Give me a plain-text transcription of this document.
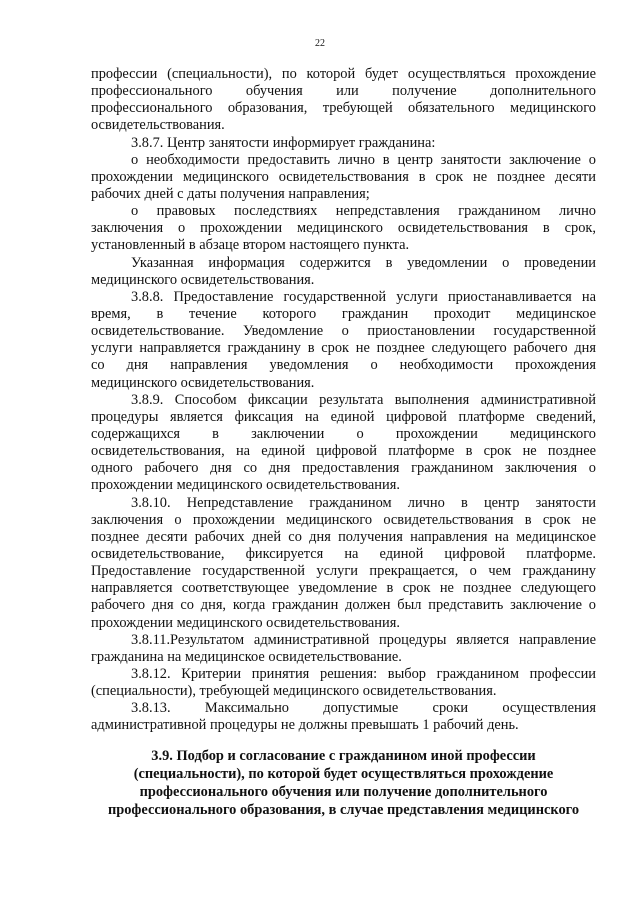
22
профессии (специальности), по которой будет осуществляться прохождение
профессионального обучения или получение дополнительного
профессионального образования, требующей обязательного медицинского
освидетельствования.
3.8.7. Центр занятости информирует гражданина:
о необходимости предоставить лично в центр занятости заключение о
прохождении медицинского освидетельствования в срок не позднее десяти
рабочих дней с даты получения направления;
о правовых последствиях непредставления гражданином лично
заключения о прохождении медицинского освидетельствования в срок,
установленный в абзаце втором настоящего пункта.
Указанная информация содержится в уведомлении о проведении
медицинского освидетельствования.
3.8.8. Предоставление государственной услуги приостанавливается на
время, в течение которого гражданин проходит медицинское
освидетельствование. Уведомление о приостановлении государственной
услуги направляется гражданину в срок не позднее следующего рабочего дня
со дня направления уведомления о необходимости прохождения
медицинского освидетельствования.
3.8.9. Способом фиксации результата выполнения административной
процедуры является фиксация на единой цифровой платформе сведений,
содержащихся в заключении о прохождении медицинского
освидетельствования, на единой цифровой платформе в срок не позднее
одного рабочего дня со дня предоставления гражданином заключения о
прохождении медицинского освидетельствования.
3.8.10. Непредставление гражданином лично в центр занятости
заключения о прохождении медицинского освидетельствования в срок не
позднее десяти рабочих дней со дня получения направления на медицинское
освидетельствование, фиксируется на единой цифровой платформе.
Предоставление государственной услуги прекращается, о чем гражданину
направляется соответствующее уведомление в срок не позднее следующего
рабочего дня со дня, когда гражданин должен был представить заключение о
прохождении медицинского освидетельствования.
3.8.11.Результатом административной процедуры является направление
гражданина на медицинское освидетельствование.
3.8.12. Критерии принятия решения: выбор гражданином профессии
(специальности), требующей медицинского освидетельствования.
3.8.13. Максимально допустимые сроки осуществления
административной процедуры не должны превышать 1 рабочий день.
3.9. Подбор и согласование с гражданином иной профессии
(специальности), по которой будет осуществляться прохождение
профессионального обучения или получение дополнительного
профессионального образования, в случае представления медицинского
